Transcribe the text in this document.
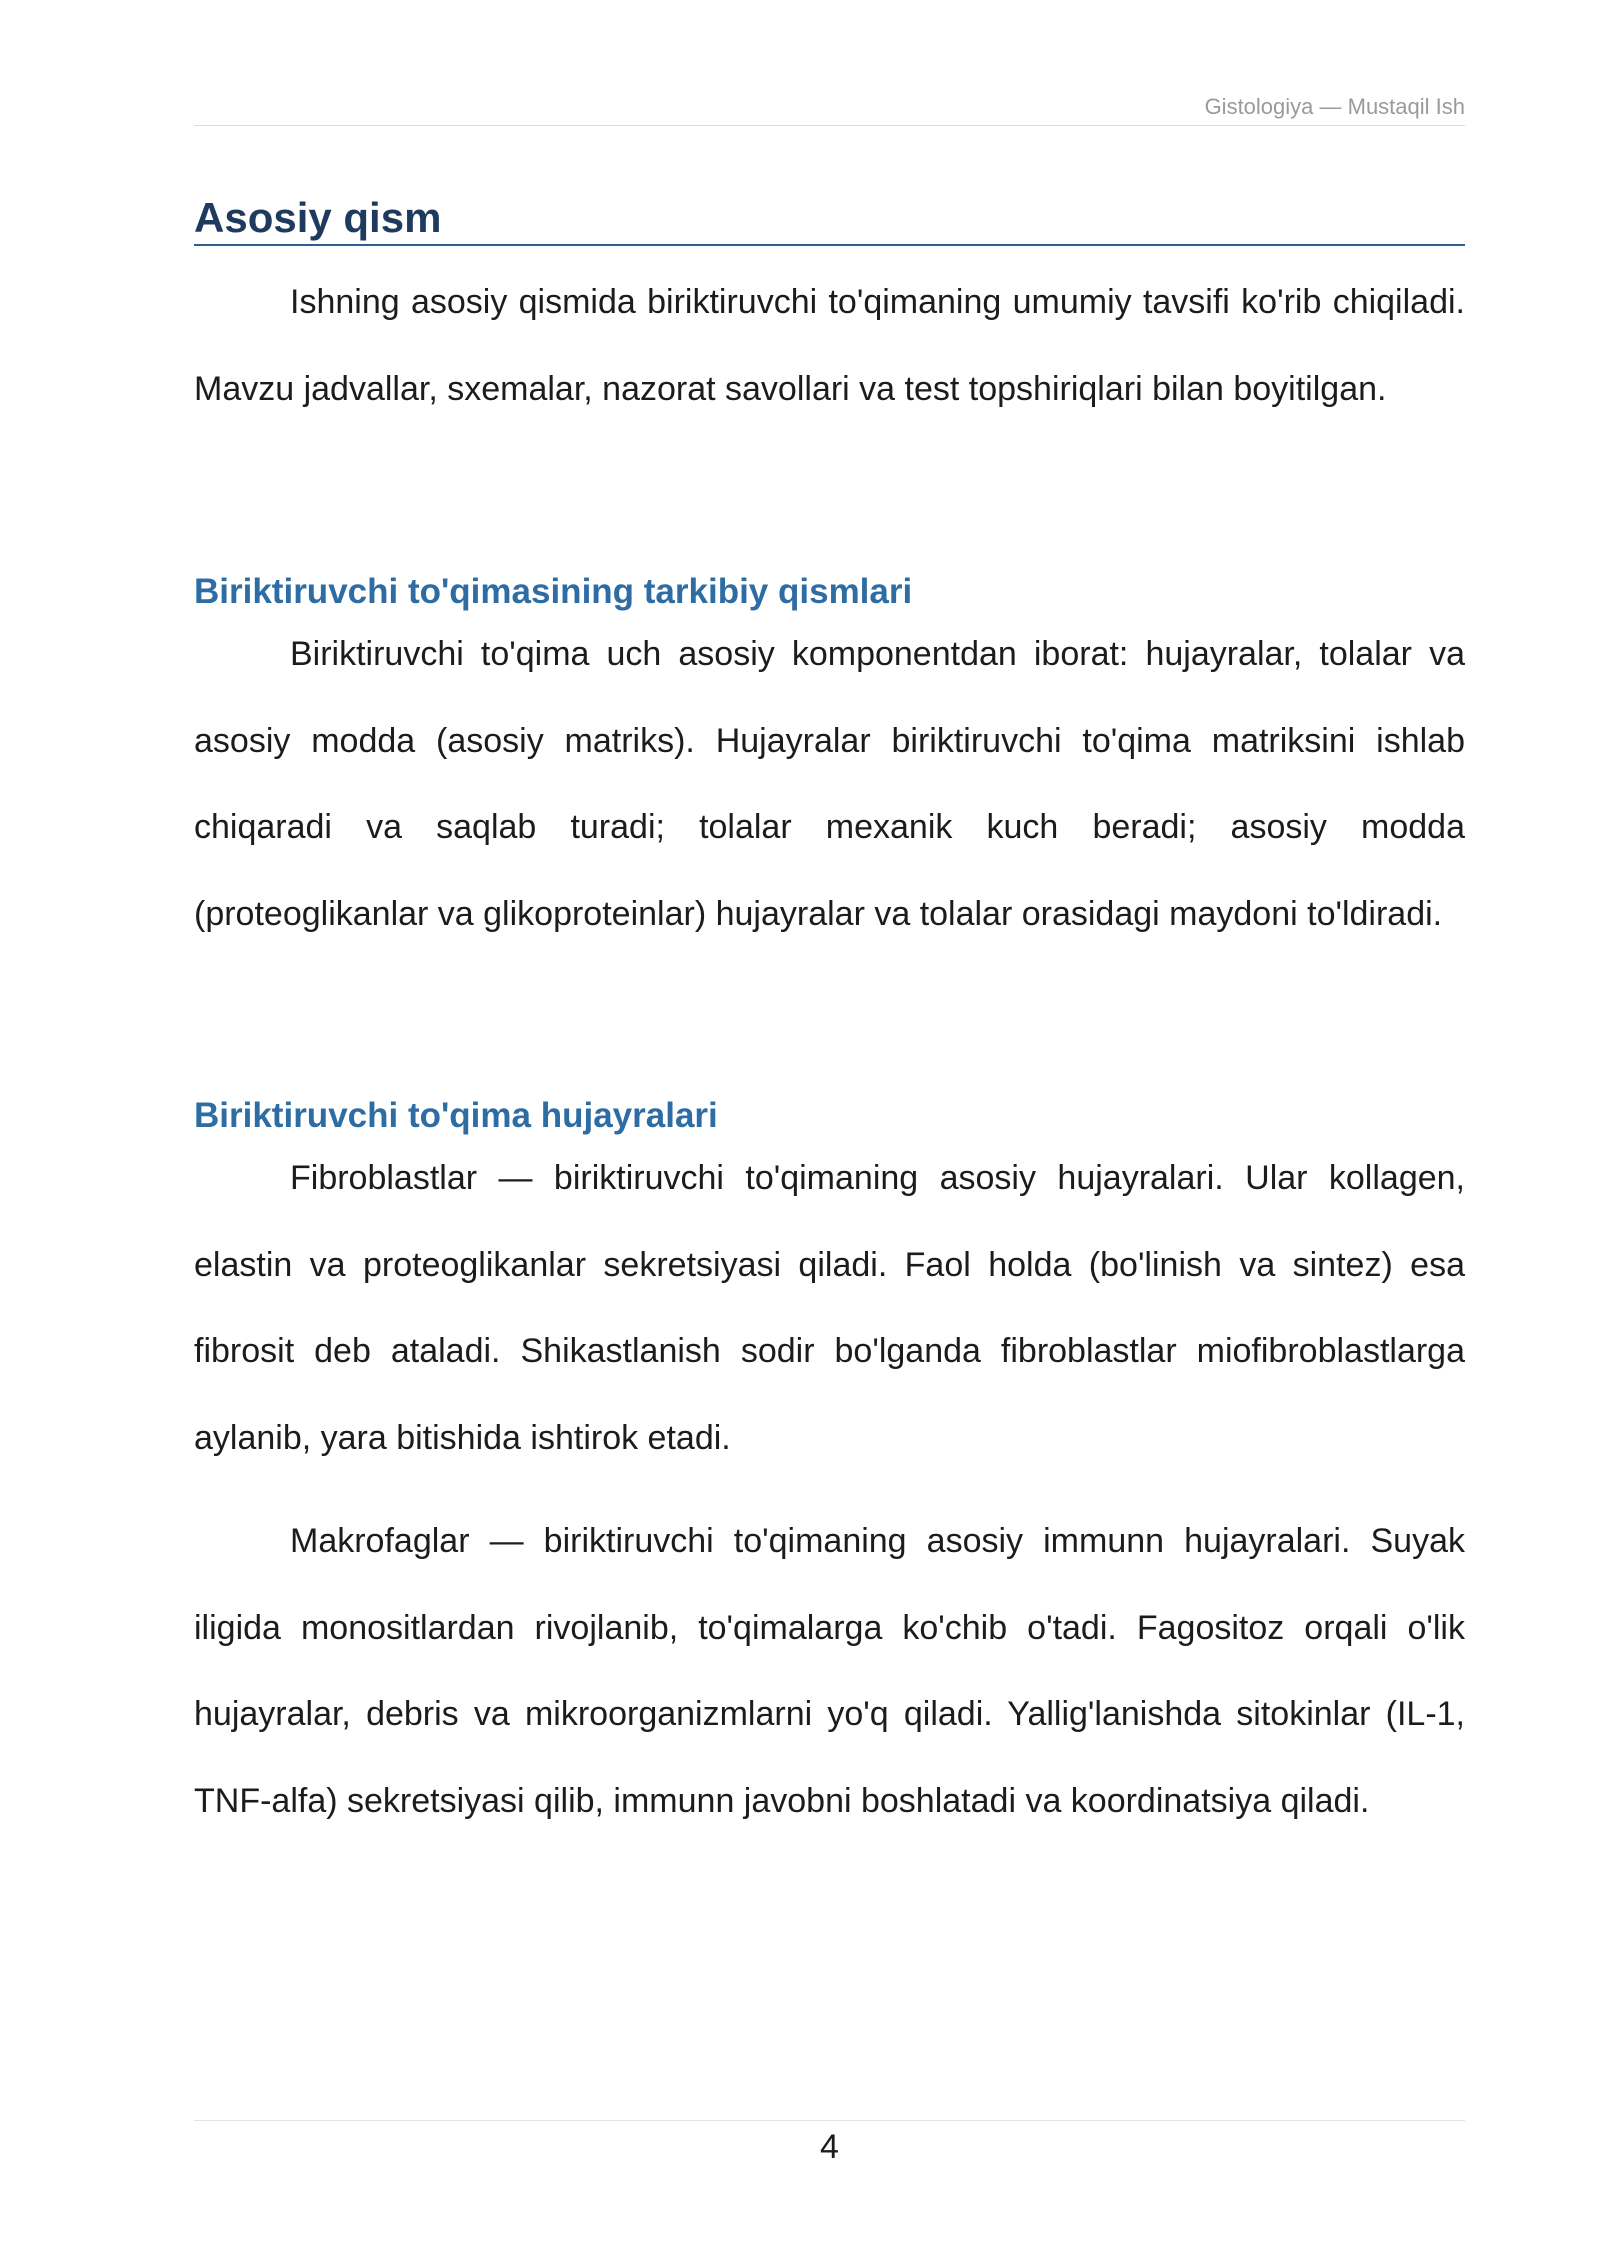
Gistologiya — Mustaqil Ish
Asosiy qism

Ishning asosiy qismida biriktiruvchi to'qimaning umumiy tavsifi ko'rib chiqiladi. Mavzu jadvallar, sxemalar, nazorat savollari va test topshiriqlari bilan boyitilgan.

Biriktiruvchi to'qimasining tarkibiy qismlari

Biriktiruvchi to'qima uch asosiy komponentdan iborat: hujayralar, tolalar va asosiy modda (asosiy matriks). Hujayralar biriktiruvchi to'qima matriksini ishlab chiqaradi va saqlab turadi; tolalar mexanik kuch beradi; asosiy modda (proteoglikanlar va glikoproteinlar) hujayralar va tolalar orasidagi maydoni to'ldiradi.

Biriktiruvchi to'qima hujayralari

Fibroblastlar — biriktiruvchi to'qimaning asosiy hujayralari. Ular kollagen, elastin va proteoglikanlar sekretsiyasi qiladi. Faol holda (bo'linish va sintez) esa fibrosit deb ataladi. Shikastlanish sodir bo'lganda fibroblastlar miofibroblastlarga aylanib, yara bitishida ishtirok etadi.

Makrofaglar — biriktiruvchi to'qimaning asosiy immunn hujayralari. Suyak iligida monositlardan rivojlanib, to'qimalarga ko'chib o'tadi. Fagositoz orqali o'lik hujayralar, debris va mikroorganizmlarni yo'q qiladi. Yallig'lanishda sitokinlar (IL-1, TNF-alfa) sekretsiyasi qilib, immunn javobni boshlatadi va koordinatsiya qiladi.

4
